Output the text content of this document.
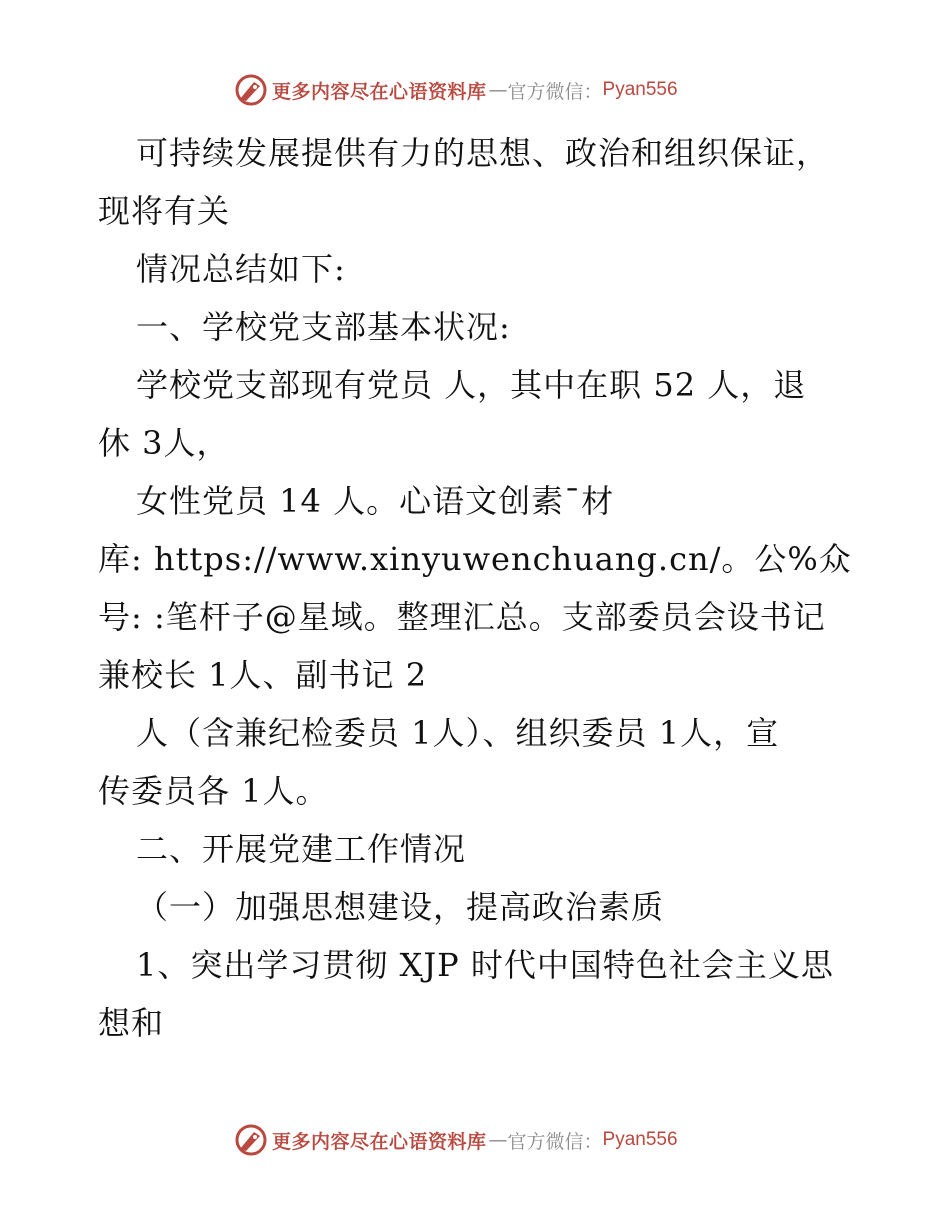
更多内容尽在心语资料库 — 官方微信： Pyan556
可持续发展提供有力的思想、政治和组织保证，
现将有关
情况总结如下:
一、学校党支部基本状况:
学校党支部现有党员 人，其中在职 52 人，退
休 3人，
女性党员 14 人。心语文创素¯材
库: https://www.xinyuwenchuang.cn/。公%众
号: :笔杆子@星域。整理汇总。支部委员会设书记
兼校长 1人、副书记 2
人（含兼纪检委员 1人）、组织委员 1人，宣
传委员各 1人。
二、开展党建工作情况
（一）加强思想建设，提高政治素质
1、突出学习贯彻 XJP 时代中国特色社会主义思
想和
更多内容尽在心语资料库 — 官方微信： Pyan556
